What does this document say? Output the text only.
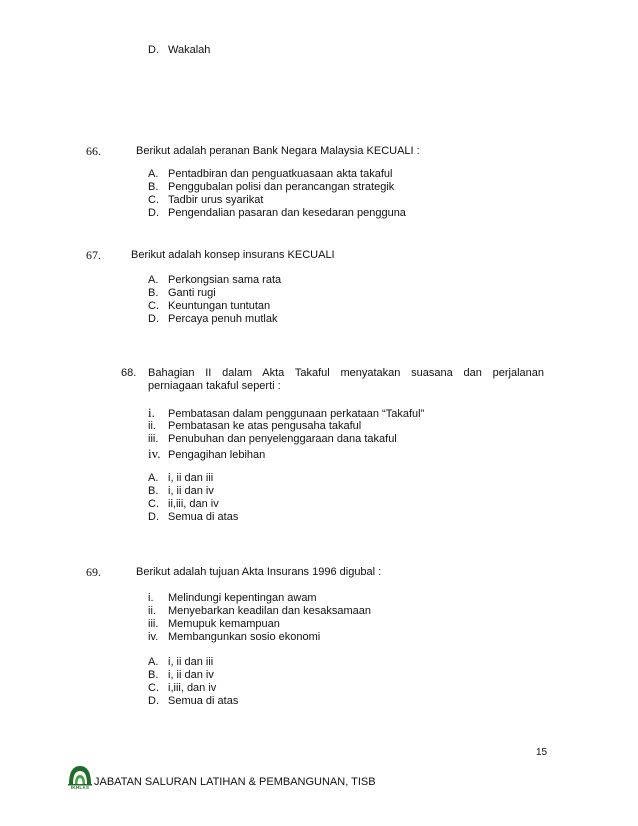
D. Wakalah
66.	Berikut adalah peranan Bank Negara Malaysia KECUALI :
A. Pentadbiran dan penguatkuasaan akta takaful
B. Penggubalan polisi dan perancangan strategik
C. Tadbir urus syarikat
D. Pengendalian pasaran dan kesedaran pengguna
67.	Berikut adalah konsep insurans KECUALI
A. Perkongsian sama rata
B. Ganti rugi
C. Keuntungan tuntutan
D. Percaya penuh mutlak
68. Bahagian II dalam Akta Takaful menyatakan suasana dan perjalanan
perniagaan takaful seperti :
i. Pembatasan dalam penggunaan perkataan “Takaful”
ii. Pembatasan ke atas pengusaha takaful
iii. Penubuhan dan penyelenggaraan dana takaful
iv. Pengagihan lebihan
A. i, ii dan iii
B. i, ii dan iv
C. ii,iii, dan iv
D. Semua di atas
69.	Berikut adalah tujuan Akta Insurans 1996 digubal :
i. Melindungi kepentingan awam
ii. Menyebarkan keadilan dan kesaksamaan
iii. Memupuk kemampuan
iv. Membangunkan sosio ekonomi
A. i, ii dan iii
B. i, ii dan iv
C. i,iii, dan iv
D. Semua di atas
15
IKHLAS JABATAN SALURAN LATIHAN & PEMBANGUNAN, TISB
